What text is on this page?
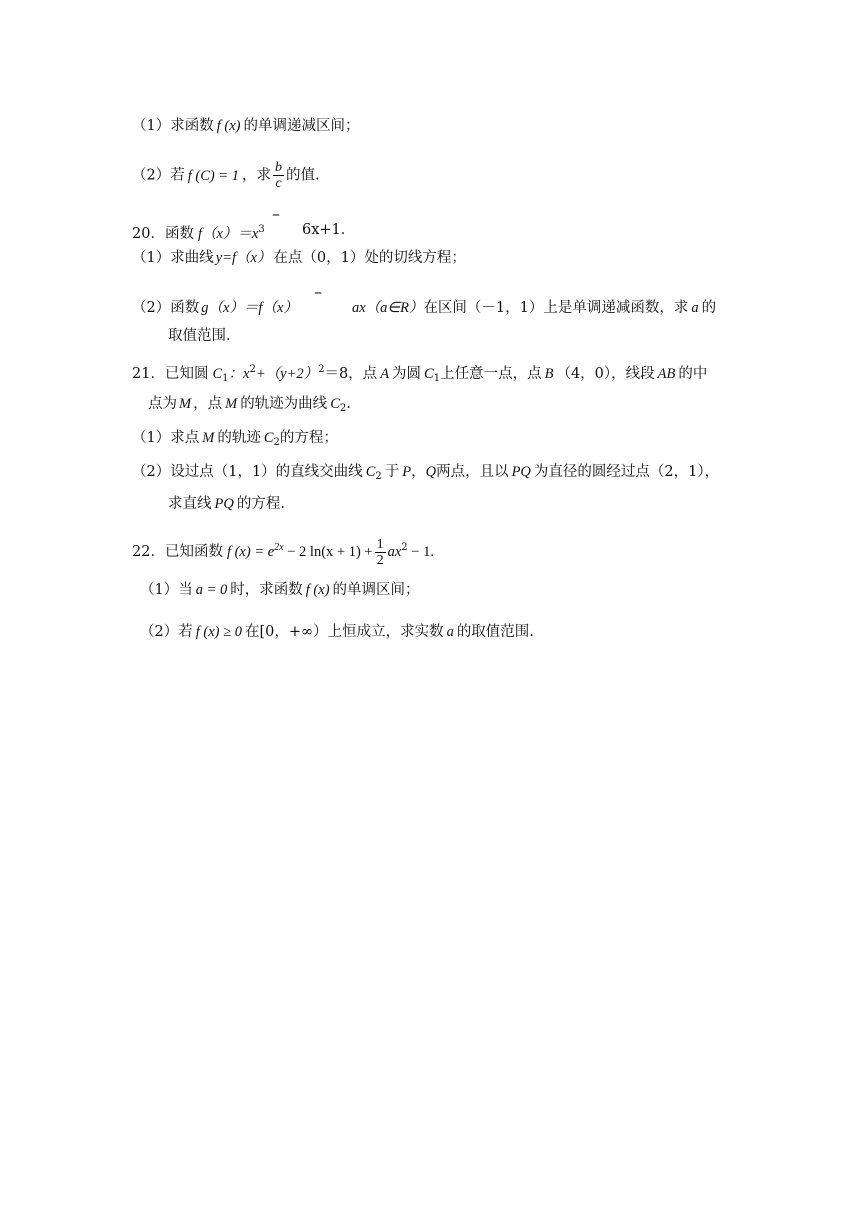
（1）求函数 f (x) 的单调递减区间；
（2）若 f (C) = 1 ，求 $\frac{b}{c}$ 的值.
20．函数 $f(x)=x^3$
–
6x+1．
（1）求曲线 y=f（x） 在点（0，1）处的切线方程；
（2）函数 g（x）＝f（x）
–
ax（a∈R）在区间（－1，1）上是单调递减函数，求 a 的
取值范围.
21．已知圆 $C_1$：$x^2+(y+2)^2=8$，点 A 为圆 $C_1$上任意一点，点 B （4，0），线段 AB 的中
点为 M ，点 M 的轨迹为曲线 $C_2$.
（1）求点 M 的轨迹 $C_2$的方程；
（2）设过点（1，1）的直线交曲线 $C_2$ 于 P，Q两点，且以 PQ 为直径的圆经过点（2，1），
求直线 PQ 的方程.
22．已知函数 f $(x) = e^{2x} - 2$ $\ln(x + 1) + \frac{1}{2} ax^2 - 1$.
（1）当 a = 0 时，求函数 f (x) 的单调区间；
（2）若 f (x) ≥ 0 在[0，+∞）上恒成立，求实数 a 的取值范围.
